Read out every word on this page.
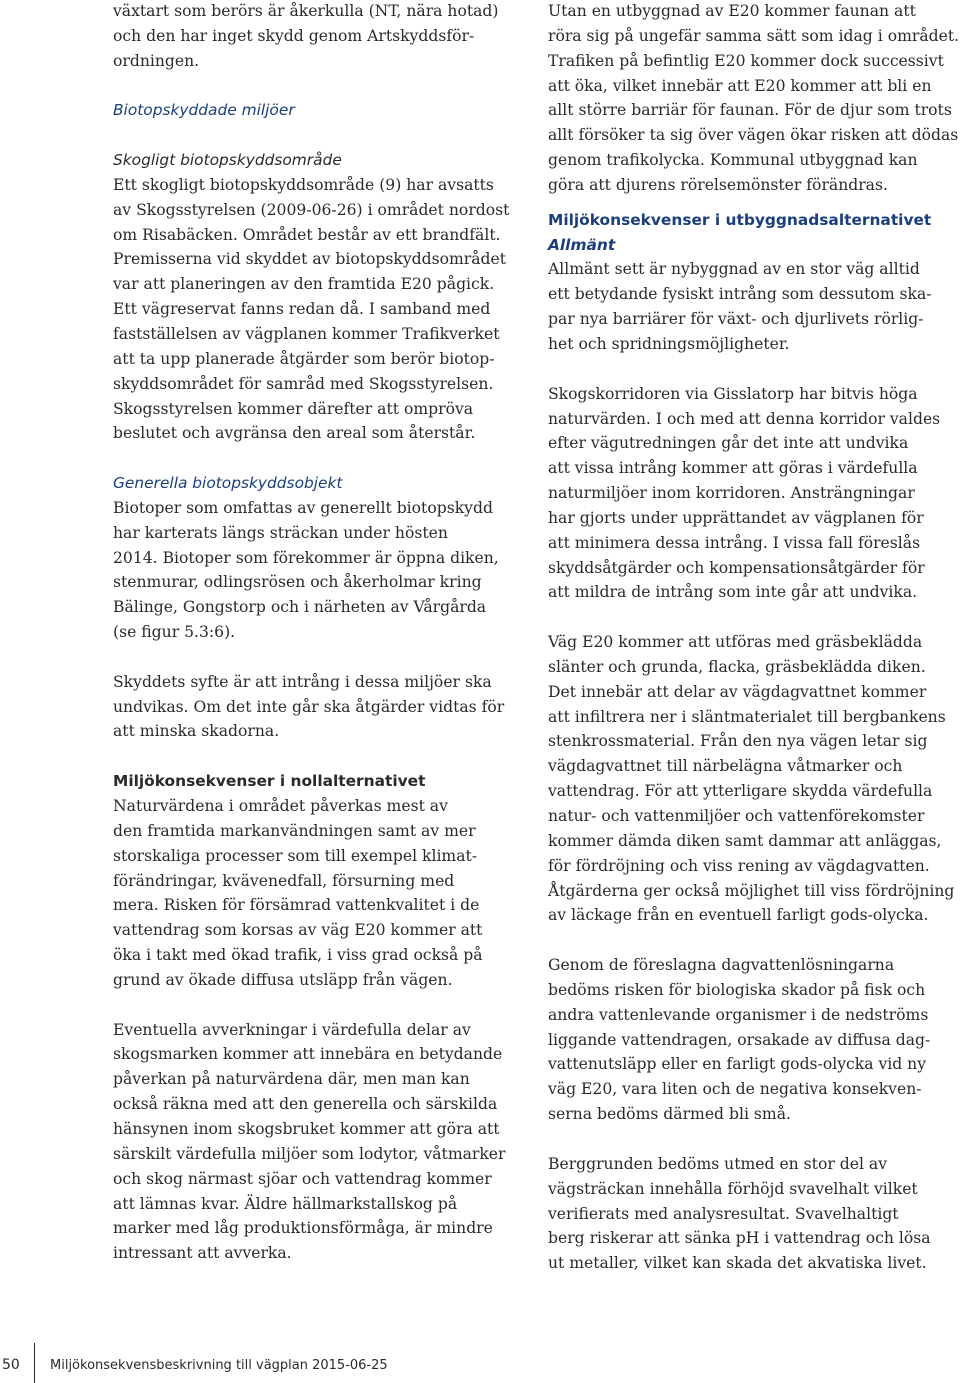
växtart som berörs är åkerkulla (NT, nära hotad)

och den har inget skydd genom Artskyddsför-

ordningen.

Biotopskyddade miljöer

Skogligt biotopskyddsområde

Ett skogligt biotopskyddsområde (9) har avsatts

av Skogsstyrelsen (2009-06-26) i området nordost

om Risabäcken. Området består av ett brandfält.

Premisserna vid skyddet av biotopskyddsområdet

var att planeringen av den framtida E20 pågick.

Ett vägreservat fanns redan då. I samband med

fastställelsen av vägplanen kommer Trafikverket

att ta upp planerade åtgärder som berör biotop-

skyddsområdet för samråd med Skogsstyrelsen.

Skogsstyrelsen kommer därefter att ompröva

beslutet och avgränsa den areal som återstår.

Generella biotopskyddsobjekt

Biotoper som omfattas av generellt biotopskydd

har karterats längs sträckan under hösten

2014. Biotoper som förekommer är öppna diken,

stenmurar, odlingsrösen och åkerholmar kring

Bälinge, Gongstorp och i närheten av Vårgårda

(se figur 5.3:6).

Skyddets syfte är att intrång i dessa miljöer ska

undvikas. Om det inte går ska åtgärder vidtas för

att minska skadorna.

Miljökonsekvenser i nollalternativet

Naturvärdena i området påverkas mest av

den framtida markanvändningen samt av mer

storskaliga processer som till exempel klimat-

förändringar, kvävenedfall, försurning med

mera. Risken för försämrad vattenkvalitet i de

vattendrag som korsas av väg E20 kommer att

öka i takt med ökad trafik, i viss grad också på

grund av ökade diffusa utsläpp från vägen.

Eventuella avverkningar i värdefulla delar av

skogsmarken kommer att innebära en betydande

påverkan på naturvärdena där, men man kan

också räkna med att den generella och särskilda

hänsynen inom skogsbruket kommer att göra att

särskilt värdefulla miljöer som lodytor, våtmarker

och skog närmast sjöar och vattendrag kommer

att lämnas kvar. Äldre hällmarkstallskog på

marker med låg produktionsförmåga, är mindre

intressant att avverka.

Utan en utbyggnad av E20 kommer faunan att

röra sig på ungefär samma sätt som idag i området.

Trafiken på befintlig E20 kommer dock successivt

att öka, vilket innebär att E20 kommer att bli en

allt större barriär för faunan. För de djur som trots

allt försöker ta sig över vägen ökar risken att dödas

genom trafikolycka. Kommunal utbyggnad kan

göra att djurens rörelsemönster förändras.

Miljökonsekvenser i utbyggnadsalternativet

Allmänt

Allmänt sett är nybyggnad av en stor väg alltid

ett betydande fysiskt intrång som dessutom ska-

par nya barriärer för växt- och djurlivets rörlig-

het och spridningsmöjligheter.

Skogskorridoren via Gisslatorp har bitvis höga

naturvärden. I och med att denna korridor valdes

efter vägutredningen går det inte att undvika

att vissa intrång kommer att göras i värdefulla

naturmiljöer inom korridoren. Ansträngningar

har gjorts under upprättandet av vägplanen för

att minimera dessa intrång. I vissa fall föreslås

skyddsåtgärder och kompensationsåtgärder för

att mildra de intrång som inte går att undvika.

Väg E20 kommer att utföras med gräsbeklädda

slänter och grunda, flacka, gräsbeklädda diken.

Det innebär att delar av vägdagvattnet kommer

att infiltrera ner i släntmaterialet till bergbankens

stenkrossmaterial. Från den nya vägen letar sig

vägdagvattnet till närbelägna våtmarker och

vattendrag. För att ytterligare skydda värdefulla

natur- och vattenmiljöer och vattenförekomster

kommer dämda diken samt dammar att anläggas,

för fördröjning och viss rening av vägdagvatten.

Åtgärderna ger också möjlighet till viss fördröjning

av läckage från en eventuell farligt gods-olycka.

Genom de föreslagna dagvattenlösningarna

bedöms risken för biologiska skador på fisk och

andra vattenlevande organismer i de nedströms

liggande vattendragen, orsakade av diffusa dag-

vattenutsläpp eller en farligt gods-olycka vid ny

väg E20, vara liten och de negativa konsekven-

serna bedöms därmed bli små.

Berggrunden bedöms utmed en stor del av

vägsträckan innehålla förhöjd svavelhalt vilket

verifierats med analysresultat. Svavelhaltigt

berg riskerar att sänka pH i vattendrag och lösa

ut metaller, vilket kan skada det akvatiska livet.

50 Miljökonsekvensbeskrivning till vägplan 2015-06-25
